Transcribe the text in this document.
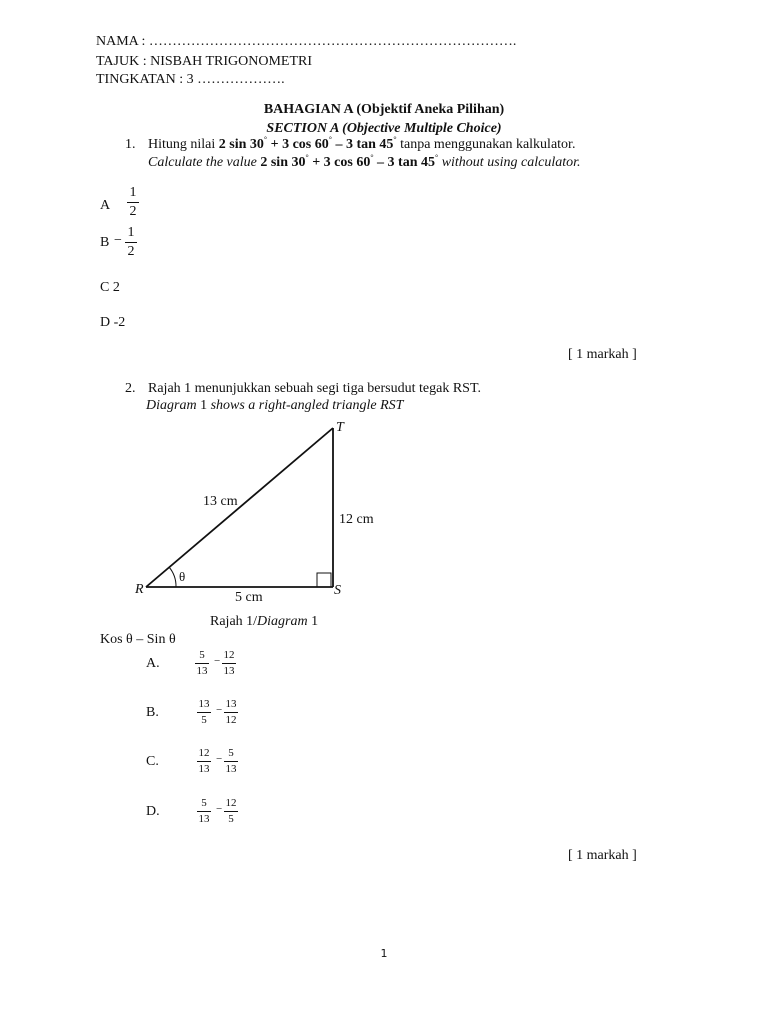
NAMA : …………………………………………………………………….
TAJUK : NISBAH TRIGONOMETRI
TINGKATAN : 3 ……………….
BAHAGIAN A (Objektif Aneka Pilihan)
SECTION A (Objective Multiple Choice)
1. Hitung nilai 2 sin 30° + 3 cos 60° – 3 tan 45° tanpa menggunakan kalkulator.
Calculate the value 2 sin 30° + 3 cos 60° – 3 tan 45° without using calculator.
A
1
2
B −
1
2
C 2
D -2
[ 1 markah ]
2. Rajah 1 menunjukkan sebuah segi tiga bersudut tegak RST.
Diagram 1 shows a right-angled triangle RST
T
R	S
13 cm
12 cm
5 cm
θ
Rajah 1/Diagram 1
Kos θ – Sin θ
A.
5
13
− 12
13
B.
13
5
− 13
12
C.
12
13
− 5
13
D.
5
13
− 12
5
[ 1 markah ]
1
